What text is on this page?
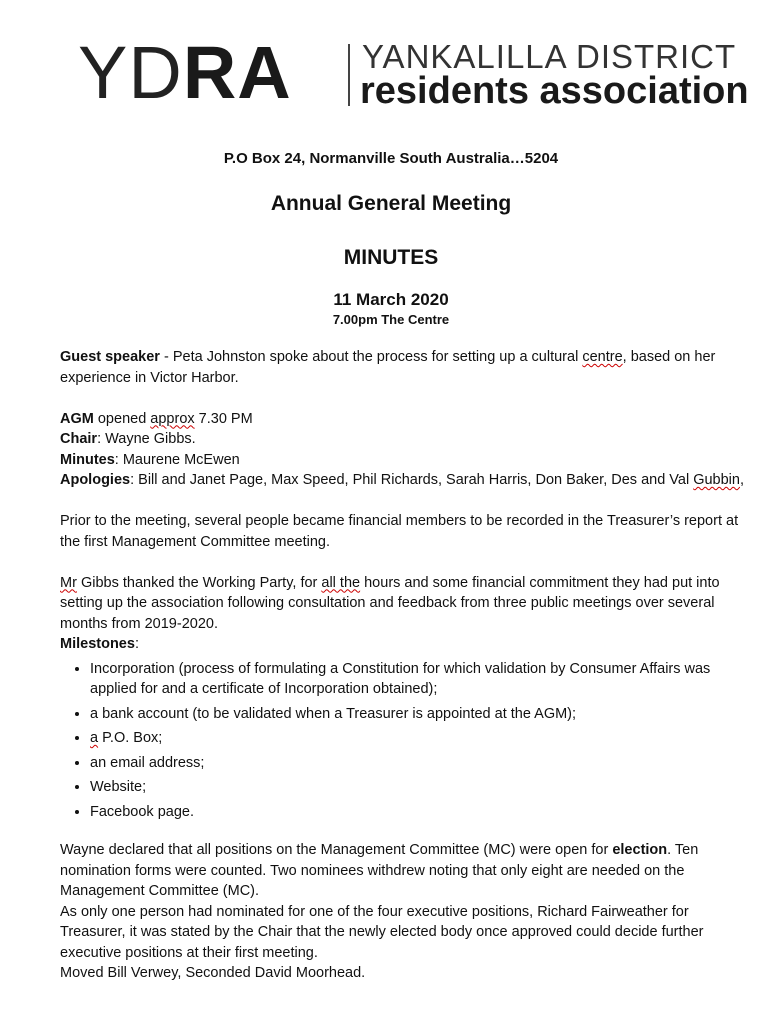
YDRA YANKALILLA DISTRICT
residents association
P.O Box 24, Normanville South Australia…5204
Annual General Meeting
MINUTES
11 March 2020
7.00pm The Centre

Guest speaker - Peta Johnston spoke about the process for setting up a cultural centre, based on her experience in Victor Harbor.

AGM opened approx 7.30 PM

Chair: Wayne Gibbs.

Minutes: Maurene McEwen

Apologies: Bill and Janet Page, Max Speed, Phil Richards, Sarah Harris, Don Baker, Des and Val Gubbin,

Prior to the meeting, several people became financial members to be recorded in the Treasurer’s report at the first Management Committee meeting.

Mr Gibbs thanked the Working Party, for all the hours and some financial commitment they had put into setting up the association following consultation and feedback from three public meetings over several months from 2019-2020.

Milestones:

• Incorporation (process of formulating a Constitution for which validation by Consumer Affairs was applied for and a certificate of Incorporation obtained);
• a bank account (to be validated when a Treasurer is appointed at the AGM);
• a P.O. Box;
• an email address;
• Website;
• Facebook page.

Wayne declared that all positions on the Management Committee (MC) were open for election. Ten nomination forms were counted. Two nominees withdrew noting that only eight are needed on the Management Committee (MC).

As only one person had nominated for one of the four executive positions, Richard Fairweather for Treasurer, it was stated by the Chair that the newly elected body once approved could decide further executive positions at their first meeting.

Moved Bill Verwey, Seconded David Moorhead.
